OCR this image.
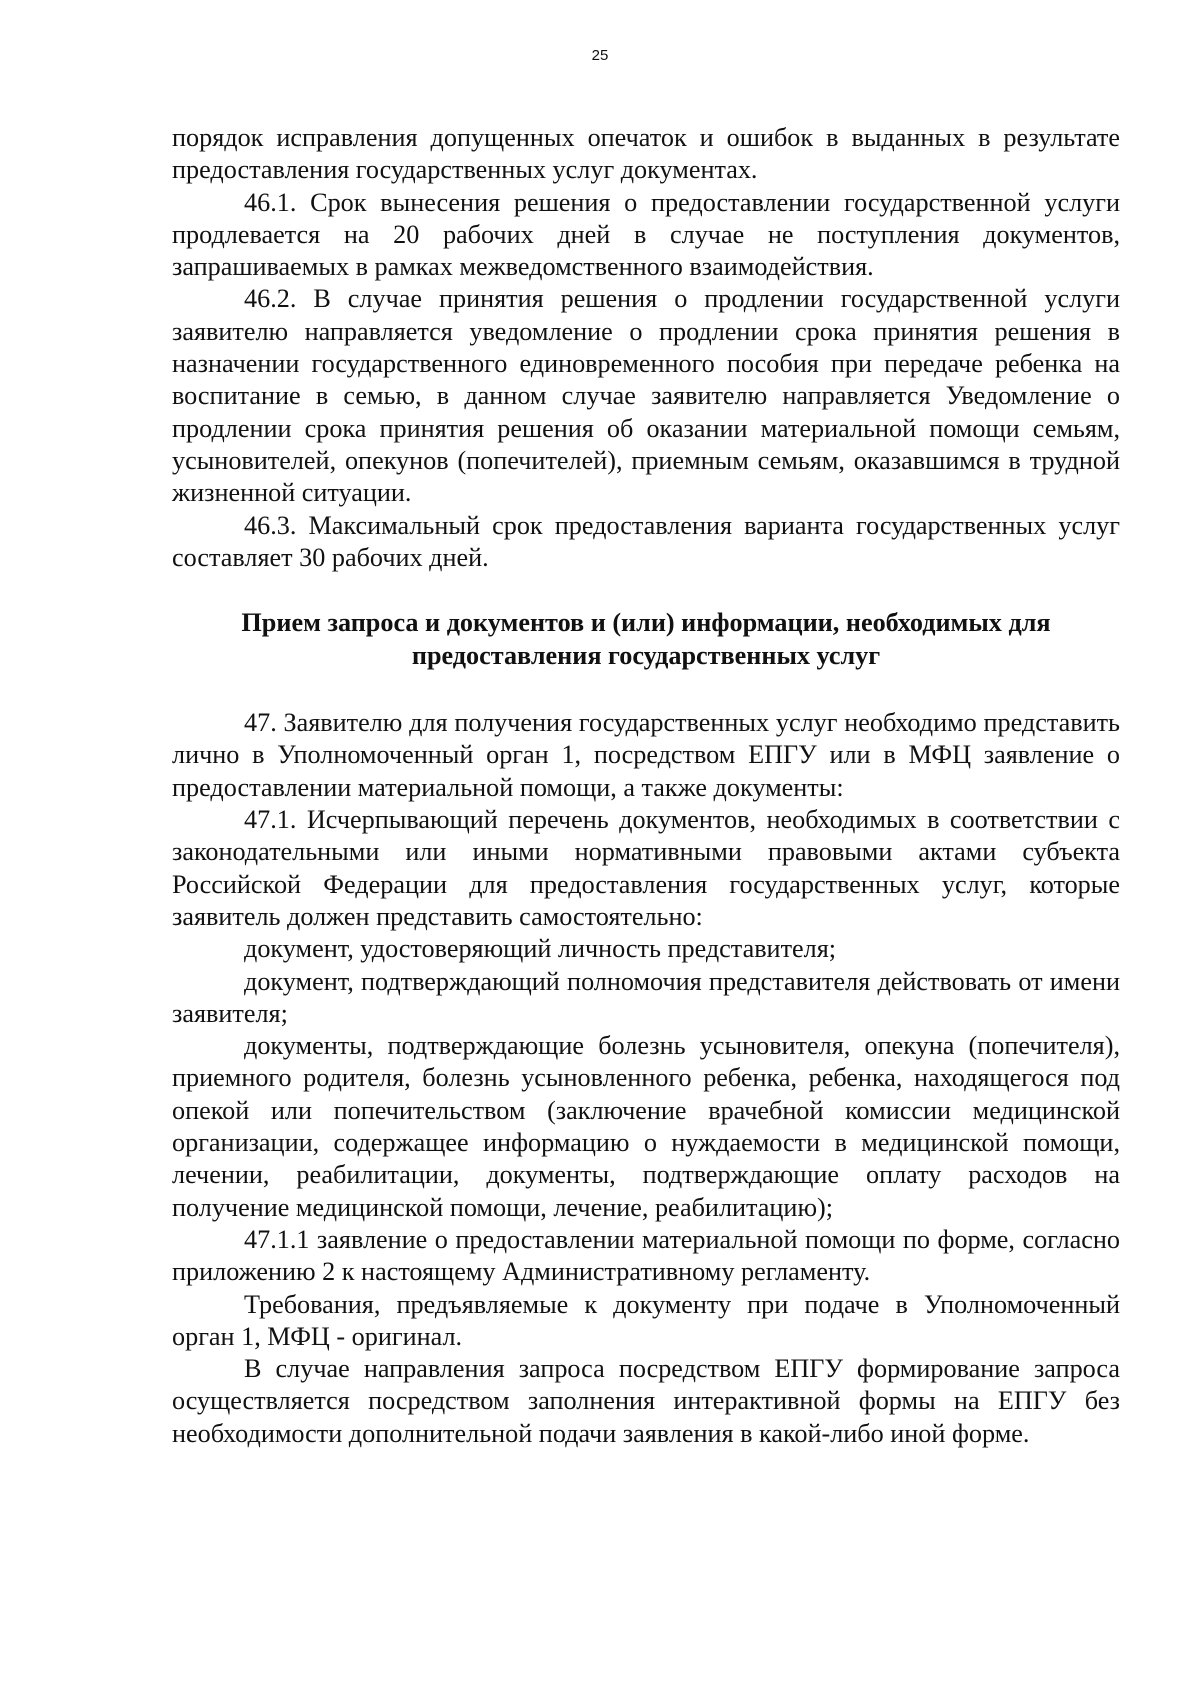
25

порядок исправления допущенных опечаток и ошибок в выданных в результате предоставления государственных услуг документах.

46.1. Срок вынесения решения о предоставлении государственной услуги продлевается на 20 рабочих дней в случае не поступления документов, запрашиваемых в рамках межведомственного взаимодействия.

46.2. В случае принятия решения о продлении государственной услуги заявителю направляется уведомление о продлении срока принятия решения в назначении государственного единовременного пособия при передаче ребенка на воспитание в семью, в данном случае заявителю направляется Уведомление о продлении срока принятия решения об оказании материальной помощи семьям, усыновителей, опекунов (попечителей), приемным семьям, оказавшимся в трудной жизненной ситуации.

46.3. Максимальный срок предоставления варианта государственных услуг составляет 30 рабочих дней.

Прием запроса и документов и (или) информации, необходимых для
предоставления государственных услуг

47. Заявителю для получения государственных услуг необходимо представить лично в Уполномоченный орган 1, посредством ЕПГУ или в МФЦ заявление о предоставлении материальной помощи, а также документы:

47.1. Исчерпывающий перечень документов, необходимых в соответствии с законодательными или иными нормативными правовыми актами субъекта Российской Федерации для предоставления государственных услуг, которые заявитель должен представить самостоятельно:

документ, удостоверяющий личность представителя;

документ, подтверждающий полномочия представителя действовать от имени заявителя;

документы, подтверждающие болезнь усыновителя, опекуна (попечителя), приемного родителя, болезнь усыновленного ребенка, ребенка, находящегося под опекой или попечительством (заключение врачебной комиссии медицинской организации, содержащее информацию о нуждаемости в медицинской помощи, лечении, реабилитации, документы, подтверждающие оплату расходов на получение медицинской помощи, лечение, реабилитацию);

47.1.1 заявление о предоставлении материальной помощи по форме, согласно приложению 2 к настоящему Административному регламенту.

Требования, предъявляемые к документу при подаче в Уполномоченный орган 1, МФЦ - оригинал.

В случае направления запроса посредством ЕПГУ формирование запроса осуществляется посредством заполнения интерактивной формы на ЕПГУ без необходимости дополнительной подачи заявления в какой-либо иной форме.
